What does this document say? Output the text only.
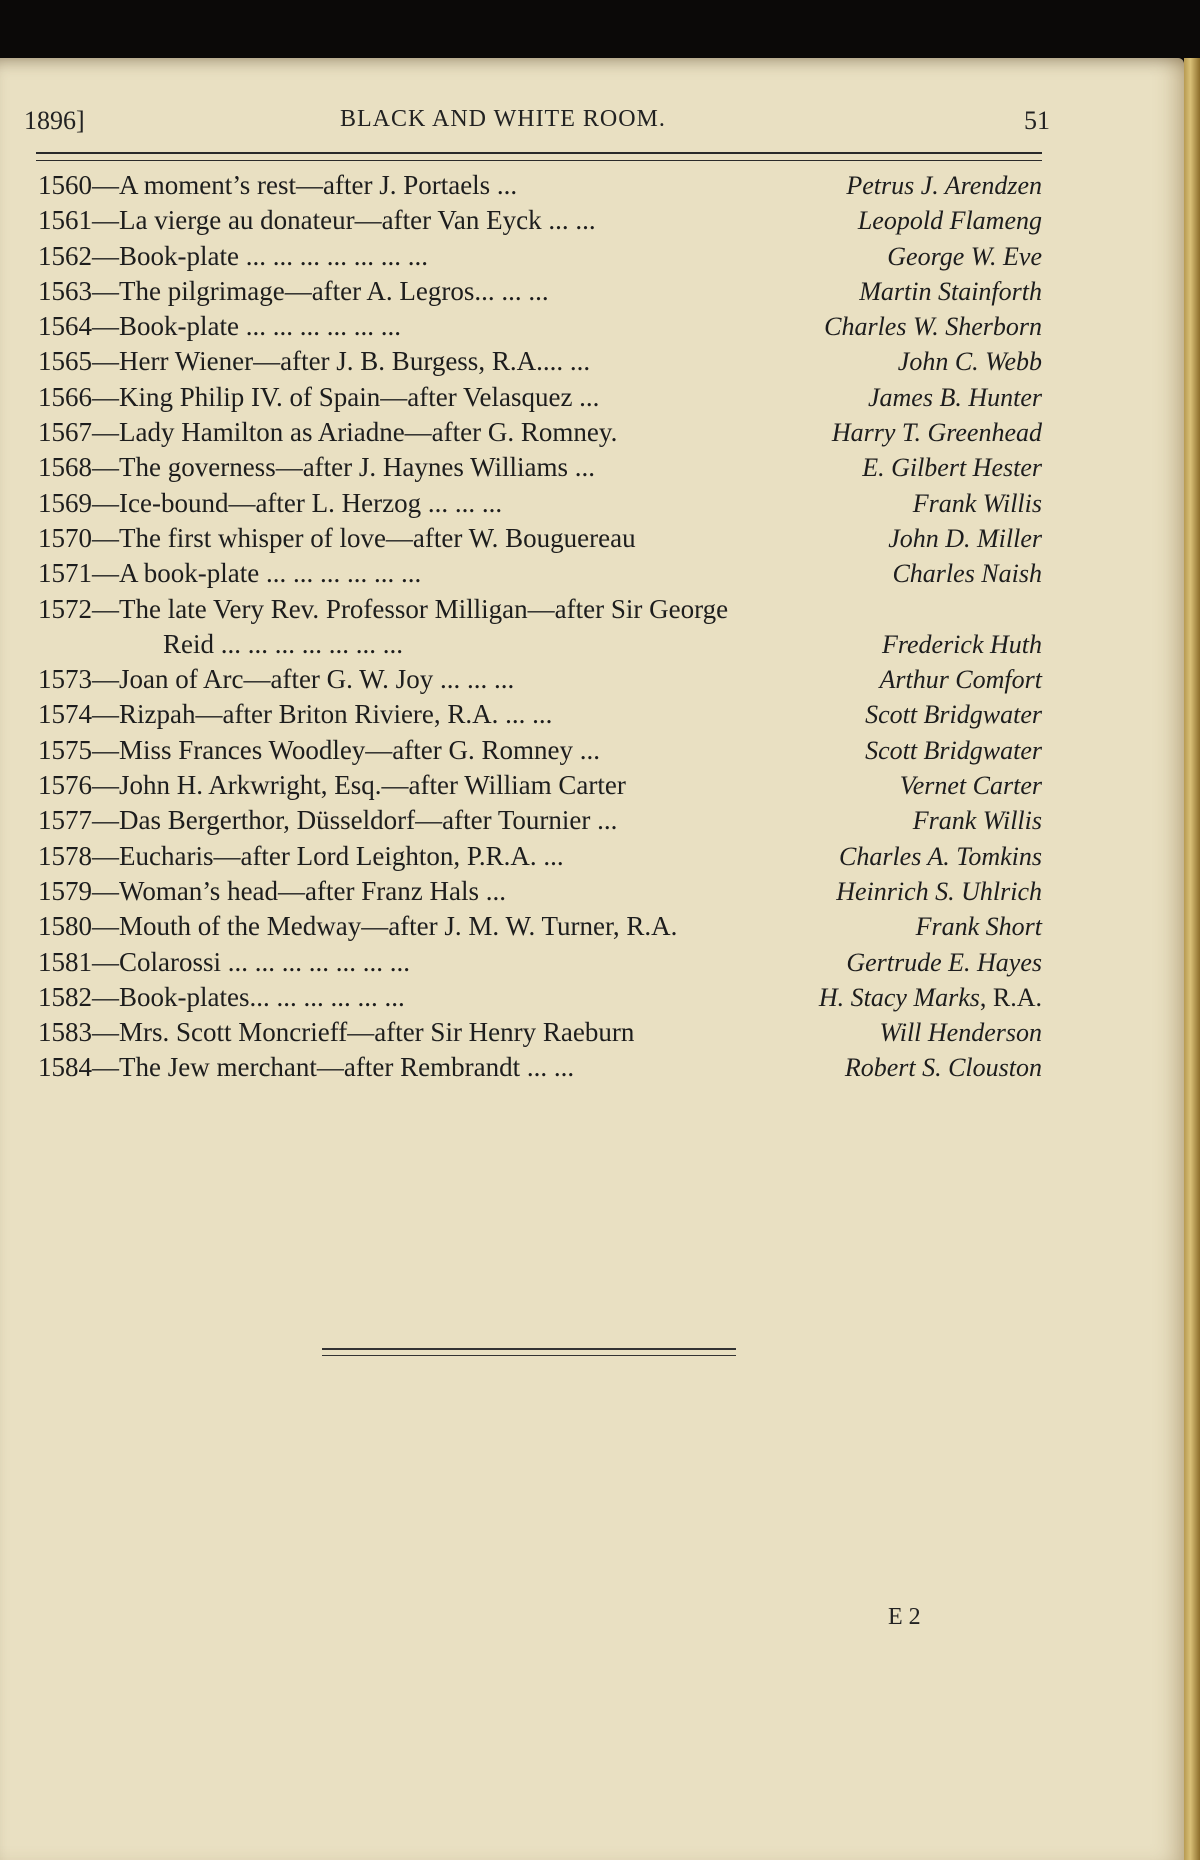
1896]	BLACK AND WHITE ROOM.	51
1560—A moment’s rest—after J. Portaels ...	Petrus J. Arendzen
1561—La vierge au donateur—after Van Eyck ... ...	Leopold Flameng
1562—Book-plate ... ... ... ... ... ... ...	George W. Eve
1563—The pilgrimage—after A. Legros... ... ...	Martin Stainforth
1564—Book-plate ... ... ... ... ... ...	Charles W. Sherborn
1565—Herr Wiener—after J. B. Burgess, R.A.... ...	John C. Webb
1566—King Philip IV. of Spain—after Velasquez ...	James B. Hunter
1567—Lady Hamilton as Ariadne—after G. Romney.	Harry T. Greenhead
1568—The governess—after J. Haynes Williams ...	E. Gilbert Hester
1569—Ice-bound—after L. Herzog ... ... ...	Frank Willis
1570—The first whisper of love—after W. Bouguereau	John D. Miller
1571—A book-plate ... ... ... ... ... ...	Charles Naish
1572—The late Very Rev. Professor Milligan—after Sir George
Reid ... ... ... ... ... ... ...	Frederick Huth
1573—Joan of Arc—after G. W. Joy ... ... ...	Arthur Comfort
1574—Rizpah—after Briton Riviere, R.A. ... ...	Scott Bridgwater
1575—Miss Frances Woodley—after G. Romney ...	Scott Bridgwater
1576—John H. Arkwright, Esq.—after William Carter	Vernet Carter
1577—Das Bergerthor, Düsseldorf—after Tournier ...	Frank Willis
1578—Eucharis—after Lord Leighton, P.R.A. ...	Charles A. Tomkins
1579—Woman’s head—after Franz Hals ...	Heinrich S. Uhlrich
1580—Mouth of the Medway—after J. M. W. Turner, R.A.	Frank Short
1581—Colarossi ... ... ... ... ... ... ...	Gertrude E. Hayes
1582—Book-plates... ... ... ... ... ...	H. Stacy Marks, R.A.
1583—Mrs. Scott Moncrieff—after Sir Henry Raeburn	Will Henderson
1584—The Jew merchant—after Rembrandt ... ...	Robert S. Clouston
E 2
